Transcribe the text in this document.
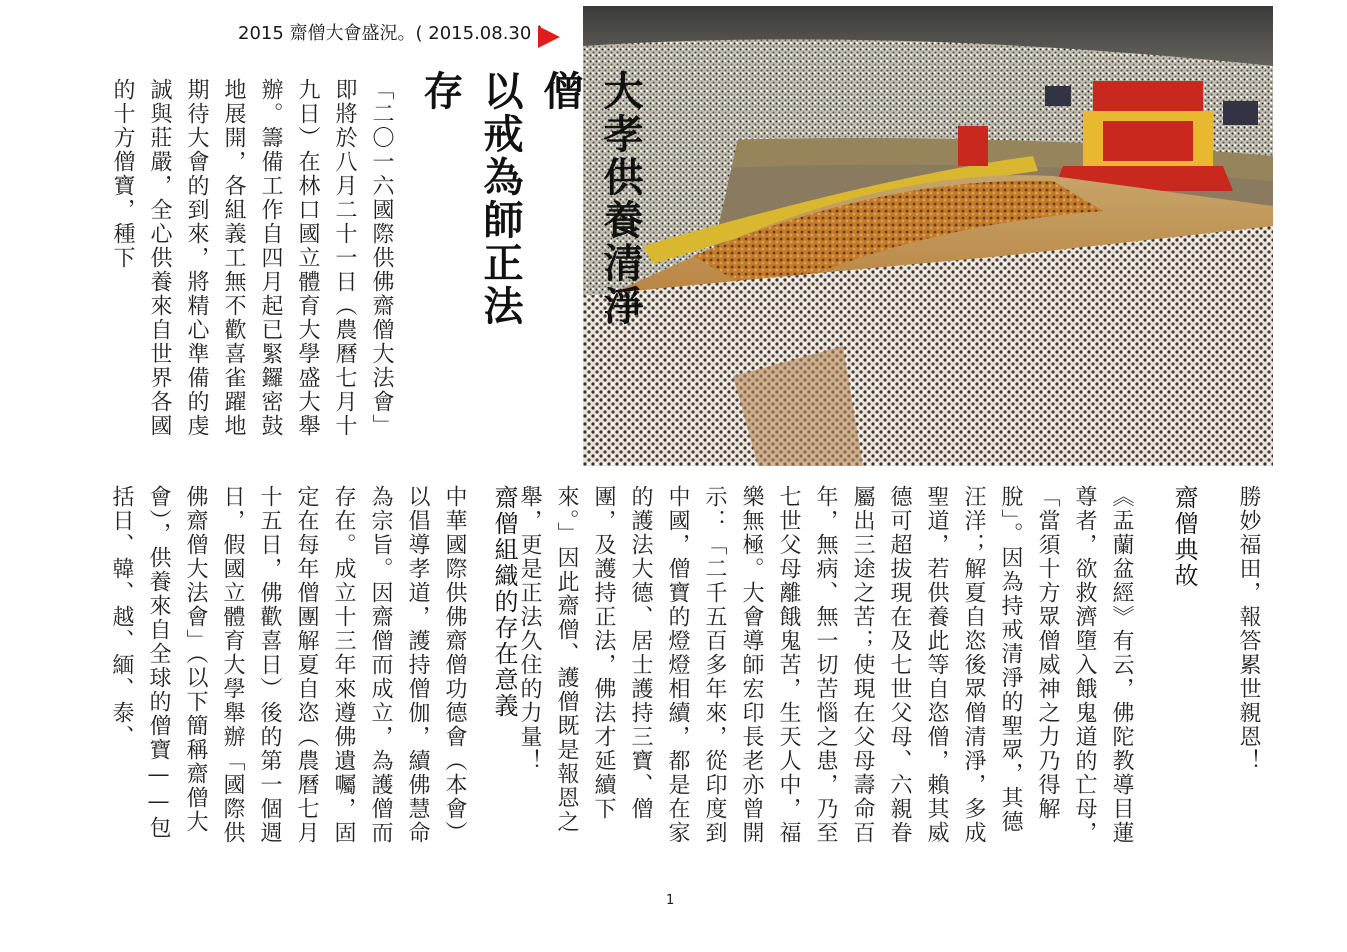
2015 齋僧大會盛況。( 2015.08.30 )
大孝供養清淨僧
以戒為師正法存
「二〇一六國際供佛齋僧大法會」即將於八月二十一日（農曆七月十九日）在林口國立體育大學盛大舉辦。籌備工作自四月起已緊鑼密鼓地展開，各組義工無不歡喜雀躍地期待大會的到來，將精心準備的虔誠與莊嚴，全心供養來自世界各國的十方僧寶，種下
勝妙福田，報答累世親恩！
齋僧典故
《盂蘭盆經》有云，佛陀教導目蓮尊者，欲救濟墮入餓鬼道的亡母，「當須十方眾僧威神之力乃得解脫」。因為持戒清淨的聖眾，其德汪洋；解夏自恣後眾僧清淨，多成聖道，若供養此等自恣僧，賴其威德可超拔現在及七世父母、六親眷屬出三途之苦；使現在父母壽命百年，無病、無一切苦惱之患，乃至七世父母離餓鬼苦，生天人中，福樂無極。大會導師宏印長老亦曾開示：「二千五百多年來，從印度到中國，僧寶的燈燈相續，都是在家的護法大德、居士護持三寶、僧團，及護持正法，佛法才延續下來。」因此齋僧、護僧既是報恩之舉，更是正法久住的力量！
齋僧組織的存在意義
中華國際供佛齋僧功德會（本會）以倡導孝道，護持僧伽，續佛慧命為宗旨。因齋僧而成立，為護僧而存在。成立十三年來遵佛遺囑，固定在每年僧團解夏自恣（農曆七月十五日，佛歡喜日）後的第一個週日，假國立體育大學舉辦「國際供佛齋僧大法會」（以下簡稱齋僧大會），供養來自全球的僧寶——包括日、韓、越、緬、泰、
1
